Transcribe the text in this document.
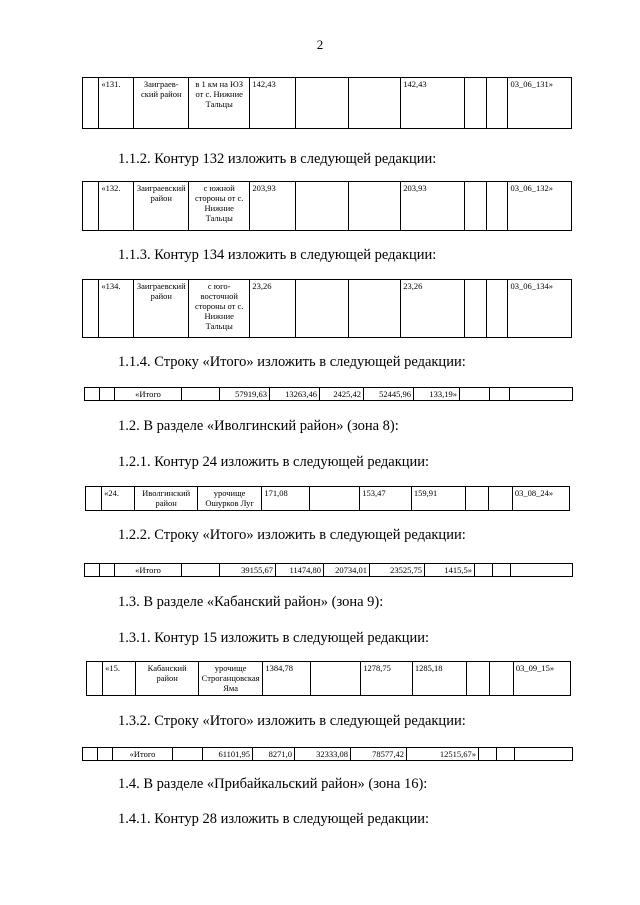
2
	«131.	Заиграев-ский район	в 1 км на ЮЗ от с. Нижние Тальцы	142,43			142,43			03_06_131»
1.1.2. Контур 132 изложить в следующей редакции:
	«132.	Заиграевский район	с южной стороны от с. Нижние Тальцы	203,93			203,93			03_06_132»
1.1.3. Контур 134 изложить в следующей редакции:
	«134.	Заиграевский район	с юго-восточной стороны от с. Нижние Тальцы	23,26			23,26			03_06_134»
1.1.4. Строку «Итого» изложить в следующей редакции:
		«Итого		57919,63	13263,46	2425,42	52445,96	133,19»			
1.2. В разделе «Иволгинский район» (зона 8):
1.2.1. Контур 24 изложить в следующей редакции:
	«24.	Иволгинский район	урочище Ошурков Луг	171,08		153,47	159,91			03_08_24»
1.2.2. Строку «Итого» изложить в следующей редакции:
		«Итого		39155,67	11474,80	20734,01	23525,75	1415,5»			
1.3. В разделе «Кабанский район» (зона 9):
1.3.1. Контур 15 изложить в следующей редакции:
	«15.	Кабанский район	урочище Строганцовская Яма	1384,78		1278,75	1285,18			03_09_15»
1.3.2. Строку «Итого» изложить в следующей редакции:
		«Итого		61101,95	8271,0	32333,08	78577,42	12515,67»			
1.4. В разделе «Прибайкальский район» (зона 16):
1.4.1. Контур 28 изложить в следующей редакции:
